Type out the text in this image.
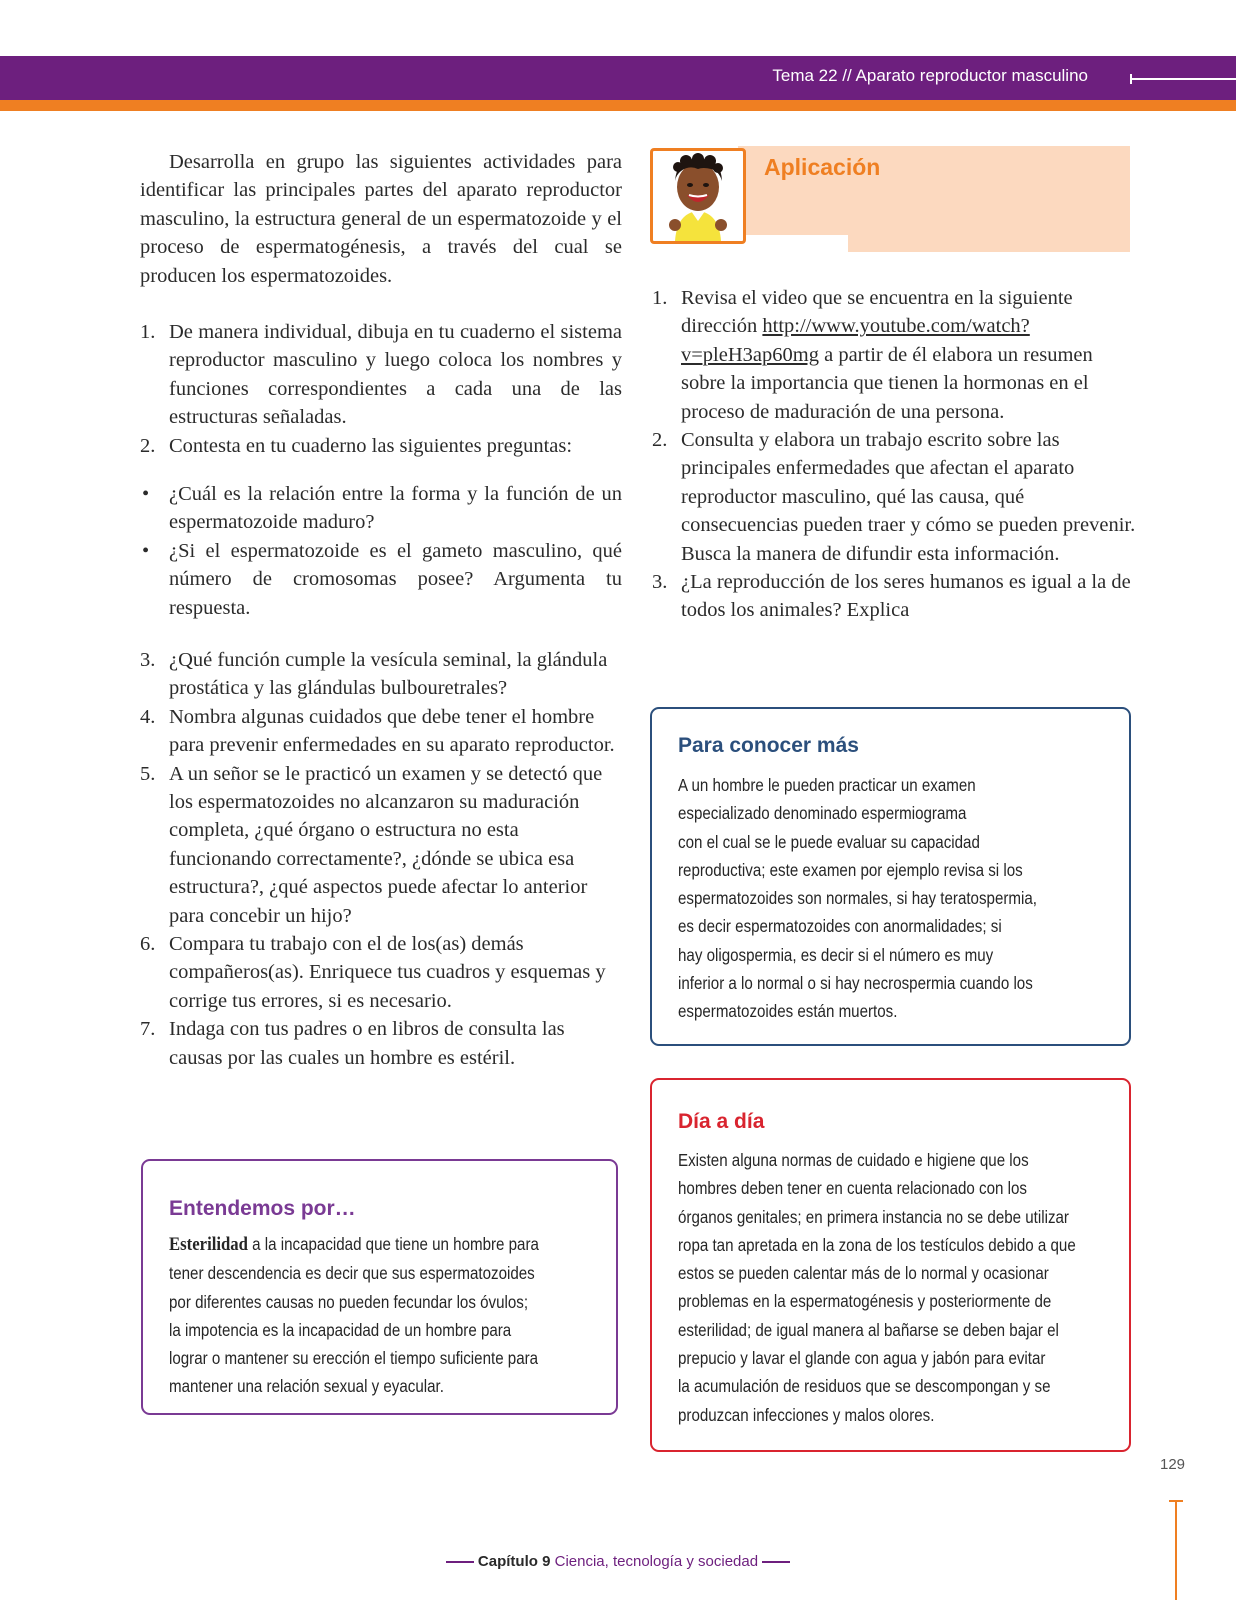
Tema 22 // Aparato reproductor masculino

Desarrolla en grupo las siguientes actividades para identificar las principales partes del aparato reproductor masculino, la estructura general de un espermatozoide y el proceso de espermatogénesis, a través del cual se producen los espermatozoides.

1. De manera individual, dibuja en tu cuaderno el sistema reproductor masculino y luego coloca los nombres y funciones correspondientes a cada una de las estructuras señaladas.
2. Contesta en tu cuaderno las siguientes preguntas:
• ¿Cuál es la relación entre la forma y la función de un espermatozoide maduro?
• ¿Si el espermatozoide es el gameto masculino, qué número de cromosomas posee? Argumenta tu respuesta.
3. ¿Qué función cumple la vesícula seminal, la glándula prostática y las glándulas bulbouretrales?
4. Nombra algunas cuidados que debe tener el hombre para prevenir enfermedades en su aparato reproductor.
5. A un señor se le practicó un examen y se detectó que los espermatozoides no alcanzaron su maduración completa, ¿qué órgano o estructura no esta funcionando correctamente?, ¿dónde se ubica esa estructura?, ¿qué aspectos puede afectar lo anterior para concebir un hijo?
6. Compara tu trabajo con el de los(as) demás compañeros(as). Enriquece tus cuadros y esquemas y corrige tus errores, si es necesario.
7. Indaga con tus padres o en libros de consulta las causas por las cuales un hombre es estéril.
Entendemos por…
Esterilidad a la incapacidad que tiene un hombre para
tener descendencia es decir que sus espermatozoides
por diferentes causas no pueden fecundar los óvulos;
la impotencia es la incapacidad de un hombre para
lograr o mantener su erección el tiempo suficiente para
mantener una relación sexual y eyacular.
Aplicación
1. Revisa el video que se encuentra en la siguiente dirección http://www.youtube.com/watch?v=pleH3ap60mg a partir de él elabora un resumen sobre la importancia que tienen la hormonas en el proceso de maduración de una persona.
2. Consulta y elabora un trabajo escrito sobre las principales enfermedades que afectan el aparato reproductor masculino, qué las causa, qué consecuencias pueden traer y cómo se pueden prevenir. Busca la manera de difundir esta información.
3. ¿La reproducción de los seres humanos es igual a la de todos los animales? Explica
Para conocer más
A un hombre le pueden practicar un examen
especializado denominado espermiograma
con el cual se le puede evaluar su capacidad
reproductiva; este examen por ejemplo revisa si los
espermatozoides son normales, si hay teratospermia,
es decir espermatozoides con anormalidades; si
hay oligospermia, es decir si el número es muy
inferior a lo normal o si hay necrospermia cuando los
espermatozoides están muertos.
Día a día
Existen alguna normas de cuidado e higiene que los
hombres deben tener en cuenta relacionado con los
órganos genitales; en primera instancia no se debe utilizar
ropa tan apretada en la zona de los testículos debido a que
estos se pueden calentar más de lo normal y ocasionar
problemas en la espermatogénesis y posteriormente de
esterilidad; de igual manera al bañarse se deben bajar el
prepucio y lavar el glande con agua y jabón para evitar
la acumulación de residuos que se descompongan y se
produzcan infecciones y malos olores.
129
Capítulo 9 Ciencia, tecnología y sociedad
